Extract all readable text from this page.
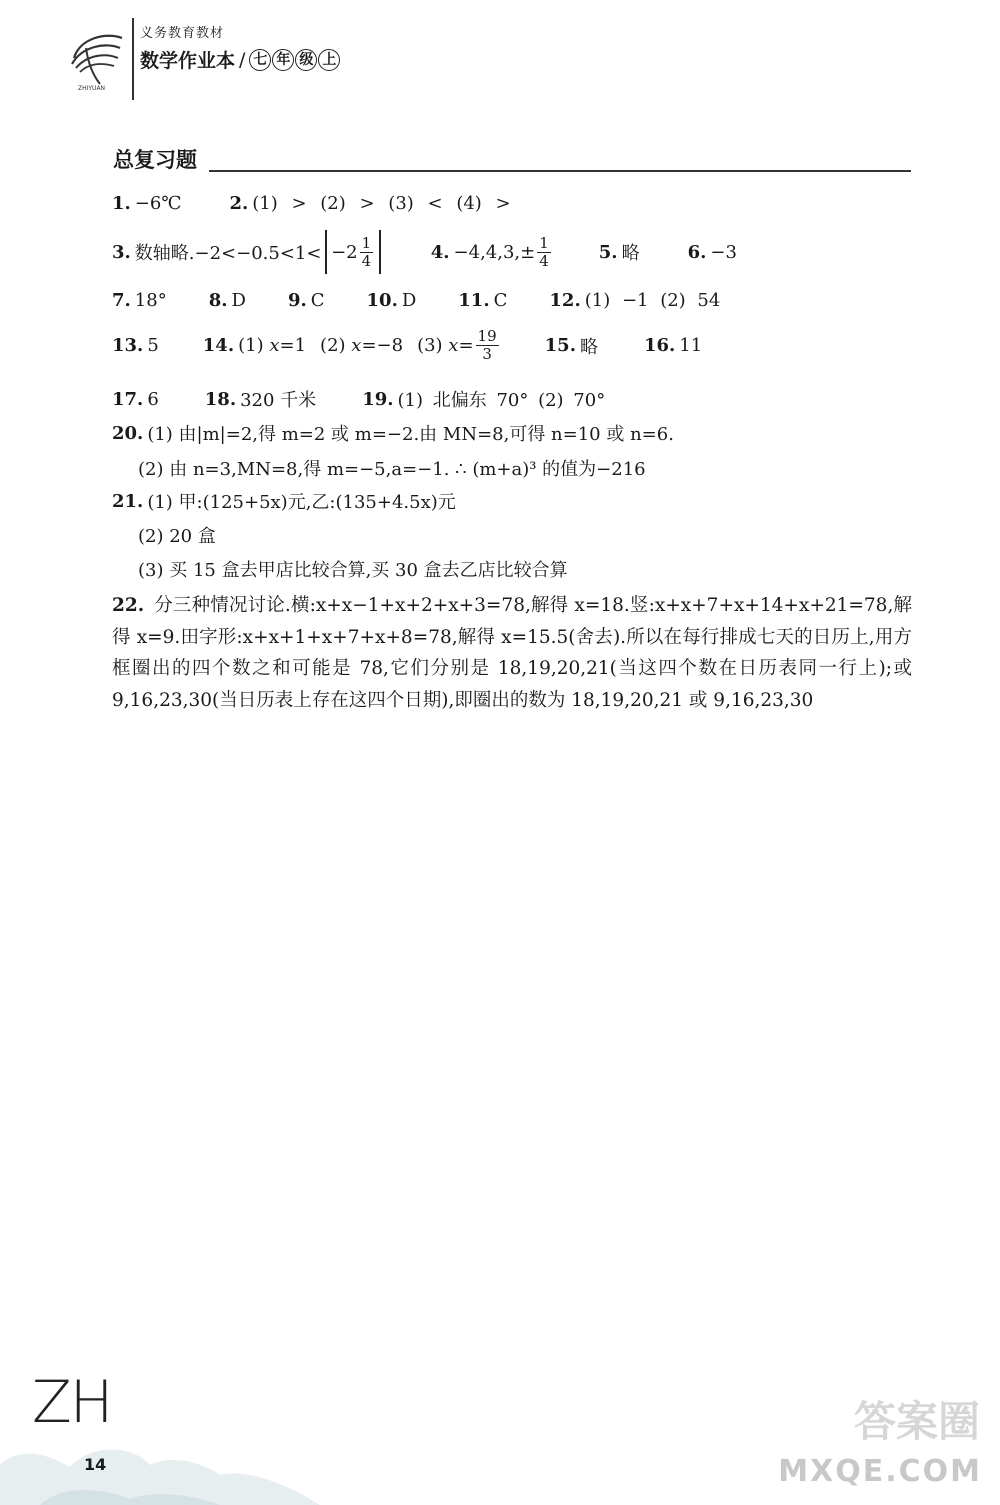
ZHIYUAN
义务教育教材
数学作业本 / 七 年 级 上
总复习题
1. −6℃	2. (1) > (2) > (3) < (4) >
3. 数轴略$.-2<-0.5<1< -2 \frac{1}{4}$	4. $-4,4,3,\pm \frac{1}{4}$	5. 略	6. −3
7. 18° 8. D 9. C 10. D 11. C 12. (1) −1 (2) 54
13. 5 14. (1)
x =1 (2)
x =−8 (3)
$x = \frac{19}{3}$	15. 略	16. 11
17. 6	18. 320 千米	19. (1) 北偏东 70° (2) 70°
20. (1) 由|m|=2,得 m=2 或 m=−2.由 MN=8,可得 n=10 或 n=6.
(2) 由 n=3,MN=8,得 m=−5,a=−1. ∴ (m+a)³ 的值为−216
21. (1) 甲:(125+5x)元,乙:(135+4.5x)元
(2) 20 盒
(3) 买 15 盒去甲店比较合算,买 30 盒去乙店比较合算
22. 分三种情况讨论.横:x+x−1+x+2+x+3=78,解得 x=18.竖:x+x+7+x+14+x+21=78,解得 x=9.田字形:x+x+1+x+7+x+8=78,解得 x=15.5(舍去).所以在每行排成七天的日历上,用方框圈出的四个数之和可能是 78,它们分别是 18,19,20,21(当这四个数在日历表同一行上);或 9,16,23,30(当日历表上存在这四个日期),即圈出的数为 18,19,20,21 或 9,16,23,30
ZH
14
答案圈
MXQE.COM
